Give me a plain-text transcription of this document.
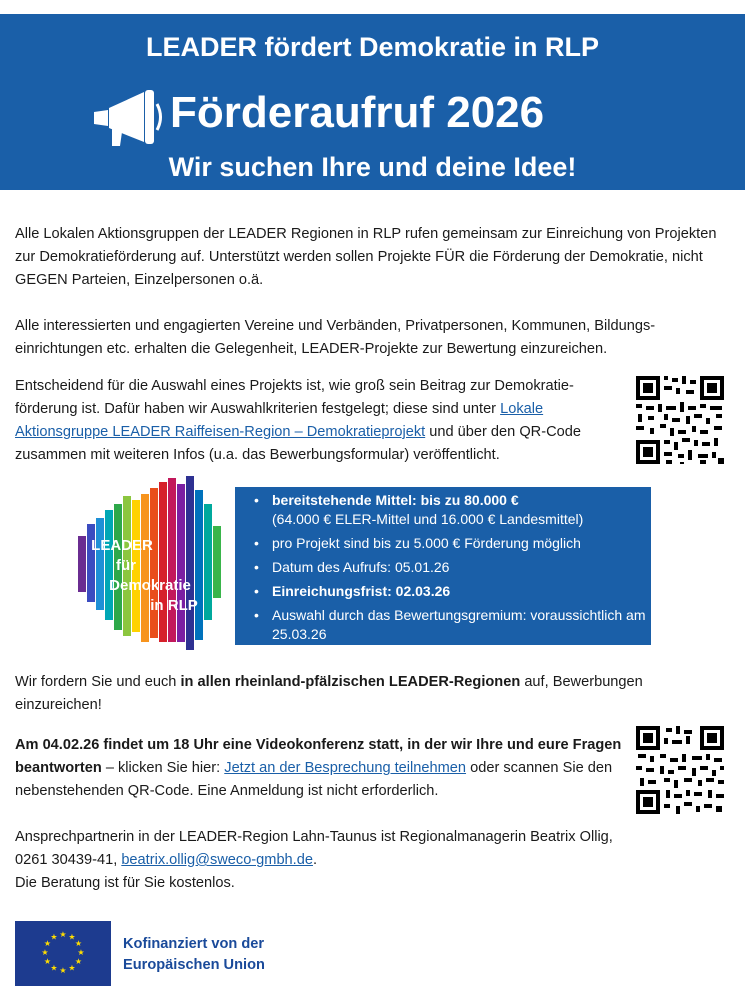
LEADER fördert Demokratie in RLP
Förderaufruf 2026
Wir suchen Ihre und deine Idee!
Alle Lokalen Aktionsgruppen der LEADER Regionen in RLP rufen gemeinsam zur Einreichung von Projekten zur Demokratieförderung auf. Unterstützt werden sollen Projekte FÜR die Förderung der Demokratie, nicht GEGEN Parteien, Einzelpersonen o.ä.
Alle interessierten und engagierten Vereine und Verbänden, Privatpersonen, Kommunen, Bildungs-einrichtungen etc. erhalten die Gelegenheit, LEADER-Projekte zur Bewertung einzureichen.
Entscheidend für die Auswahl eines Projekts ist, wie groß sein Beitrag zur Demokratie-förderung ist. Dafür haben wir Auswahlkriterien festgelegt; diese sind unter Lokale Aktionsgruppe LEADER Raiffeisen-Region – Demokratieprojekt und über den QR-Code zusammen mit weiteren Infos (u.a. das Bewerbungsformular) veröffentlicht.
LEADER
für
Demokratie
in RLP
• bereitstehende Mittel: bis zu 80.000 €
(64.000 € ELER-Mittel und 16.000 € Landesmittel)
• pro Projekt sind bis zu 5.000 € Förderung möglich
• Datum des Aufrufs: 05.01.26
• Einreichungsfrist: 02.03.26
• Auswahl durch das Bewertungsgremium: voraussichtlich am 25.03.26
Wir fordern Sie und euch in allen rheinland-pfälzischen LEADER-Regionen auf, Bewerbungen einzureichen!
Am 04.02.26 findet um 18 Uhr eine Videokonferenz statt, in der wir Ihre und eure Fragen beantworten – klicken Sie hier: Jetzt an der Besprechung teilnehmen oder scannen Sie den nebenstehenden QR-Code. Eine Anmeldung ist nicht erforderlich.
Ansprechpartnerin in der LEADER-Region Lahn-Taunus ist Regionalmanagerin Beatrix Ollig,
0261 30439-41, beatrix.ollig@sweco-gmbh.de.
Die Beratung ist für Sie kostenlos.
★ ★
★
★
★
★
★
★
★
★
★
★	Kofinanziert von der
Europäischen Union
